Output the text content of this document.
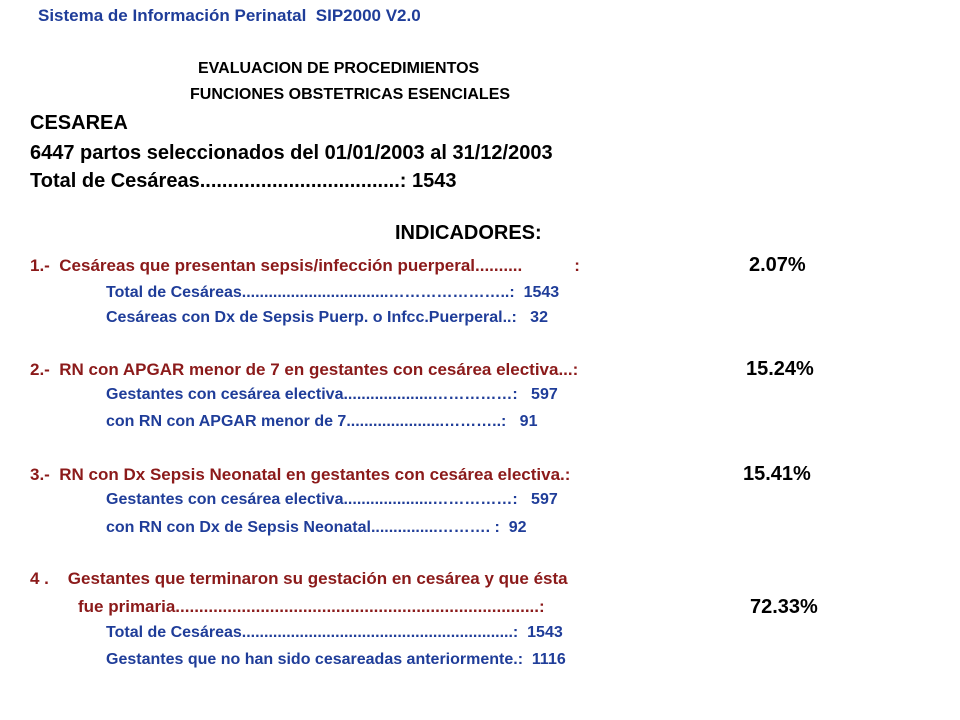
Sistema de Información Perinatal  SIP2000 V2.0
EVALUACION DE PROCEDIMIENTOS
FUNCIONES OBSTETRICAS ESENCIALES
CESAREA
6447 partos seleccionados del 01/01/2003 al 31/12/2003
Total de Cesáreas....................................: 1543
INDICADORES:
1.-  Cesáreas que presentan sepsis/infección puerperal..........           :	2.07%
Total de Cesáreas.................................…………………..:  1543
Cesáreas con Dx de Sepsis Puerp. o Infcc.Puerperal..:   32
2.-  RN con APGAR menor de 7 en gestantes con cesárea electiva...:	15.24%
Gestantes con cesárea electiva....................……………:   597
con RN con APGAR menor de 7......................………..:   91
3.-  RN con Dx Sepsis Neonatal en gestantes con cesárea electiva.:	15.41%
Gestantes con cesárea electiva....................……………:   597
con RN con Dx de Sepsis Neonatal...............………. :  92
4 .    Gestantes que terminaron su gestación en cesárea y que ésta
fue primaria.............................................................................:	72.33%
Total de Cesáreas.............................................................:  1543
Gestantes que no han sido cesareadas anteriormente.:  1116
